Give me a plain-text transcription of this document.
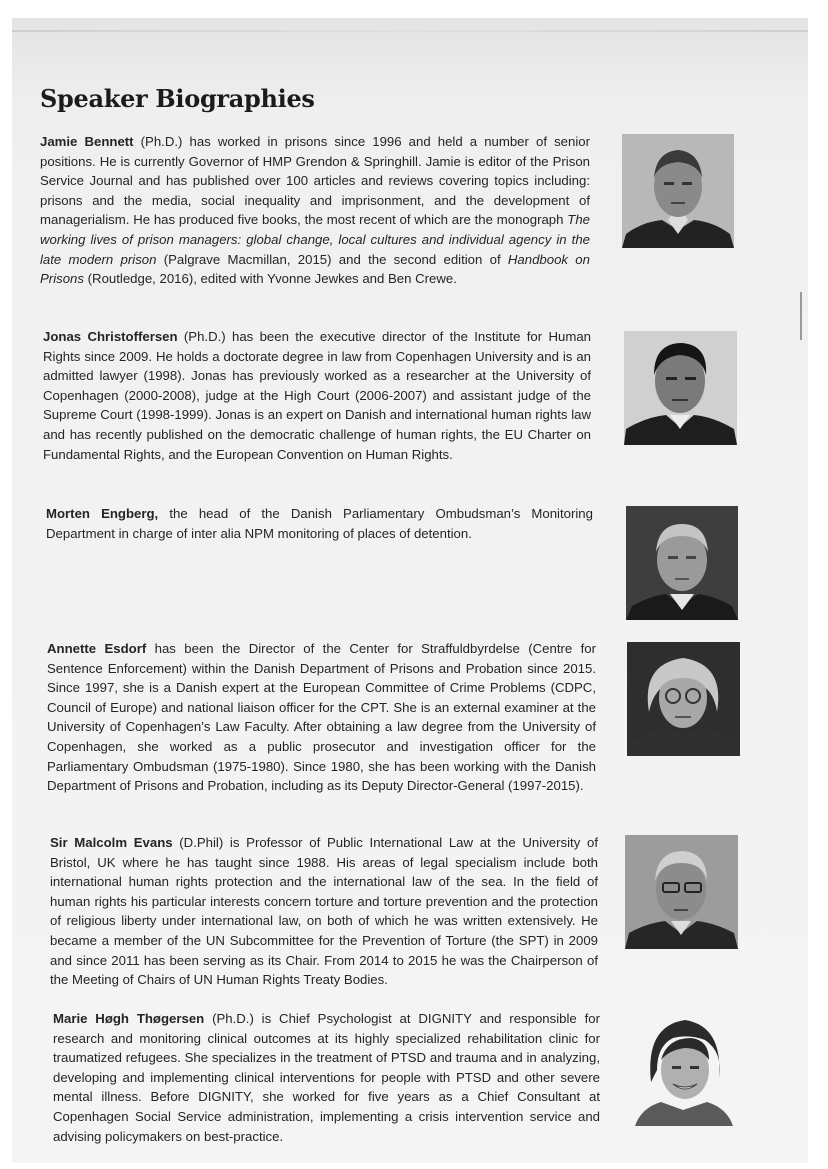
Speaker Biographies

Jamie Bennett (Ph.D.) has worked in prisons since 1996 and held a number of senior positions. He is currently Governor of HMP Grendon & Springhill. Jamie is editor of the Prison Service Journal and has published over 100 articles and reviews covering topics including: prisons and the media, social inequality and imprisonment, and the development of managerialism. He has produced five books, the most recent of which are the monograph The working lives of prison managers: global change, local cultures and individual agency in the late modern prison (Palgrave Macmillan, 2015) and the second edition of Handbook on Prisons (Routledge, 2016), edited with Yvonne Jewkes and Ben Crewe.

Jonas Christoffersen (Ph.D.) has been the executive director of the Institute for Human Rights since 2009. He holds a doctorate degree in law from Copenhagen University and is an admitted lawyer (1998). Jonas has previously worked as a researcher at the University of Copenhagen (2000-2008), judge at the High Court (2006-2007) and assistant judge of the Supreme Court (1998-1999). Jonas is an expert on Danish and international human rights law and has recently published on the democratic challenge of human rights, the EU Charter on Fundamental Rights, and the European Convention on Human Rights.

Morten Engberg, the head of the Danish Parliamentary Ombudsman’s Monitoring Department in charge of inter alia NPM monitoring of places of detention.

Annette Esdorf has been the Director of the Center for Straffuldbyrdelse (Centre for Sentence Enforcement) within the Danish Department of Prisons and Probation since 2015. Since 1997, she is a Danish expert at the European Committee of Crime Problems (CDPC, Council of Europe) and national liaison officer for the CPT. She is an external examiner at the University of Copenhagen’s Law Faculty. After obtaining a law degree from the University of Copenhagen, she worked as a public prosecutor and investigation officer for the Parliamentary Ombudsman (1975-1980). Since 1980, she has been working with the Danish Department of Prisons and Probation, including as its Deputy Director-General (1997-2015).

Sir Malcolm Evans (D.Phil) is Professor of Public International Law at the University of Bristol, UK where he has taught since 1988. His areas of legal specialism include both international human rights protection and the international law of the sea. In the field of human rights his particular interests concern torture and torture prevention and the protection of religious liberty under international law, on both of which he was written extensively. He became a member of the UN Subcommittee for the Prevention of Torture (the SPT) in 2009 and since 2011 has been serving as its Chair. From 2014 to 2015 he was the Chairperson of the Meeting of Chairs of UN Human Rights Treaty Bodies.

Marie Høgh Thøgersen (Ph.D.) is Chief Psychologist at DIGNITY and responsible for research and monitoring clinical outcomes at its highly specialized rehabilitation clinic for traumatized refugees. She specializes in the treatment of PTSD and trauma and in analyzing, developing and implementing clinical interventions for people with PTSD and other severe mental illness. Before DIGNITY, she worked for five years as a Chief Consultant at Copenhagen Social Service administration, implementing a crisis intervention service and advising policymakers on best-practice.
